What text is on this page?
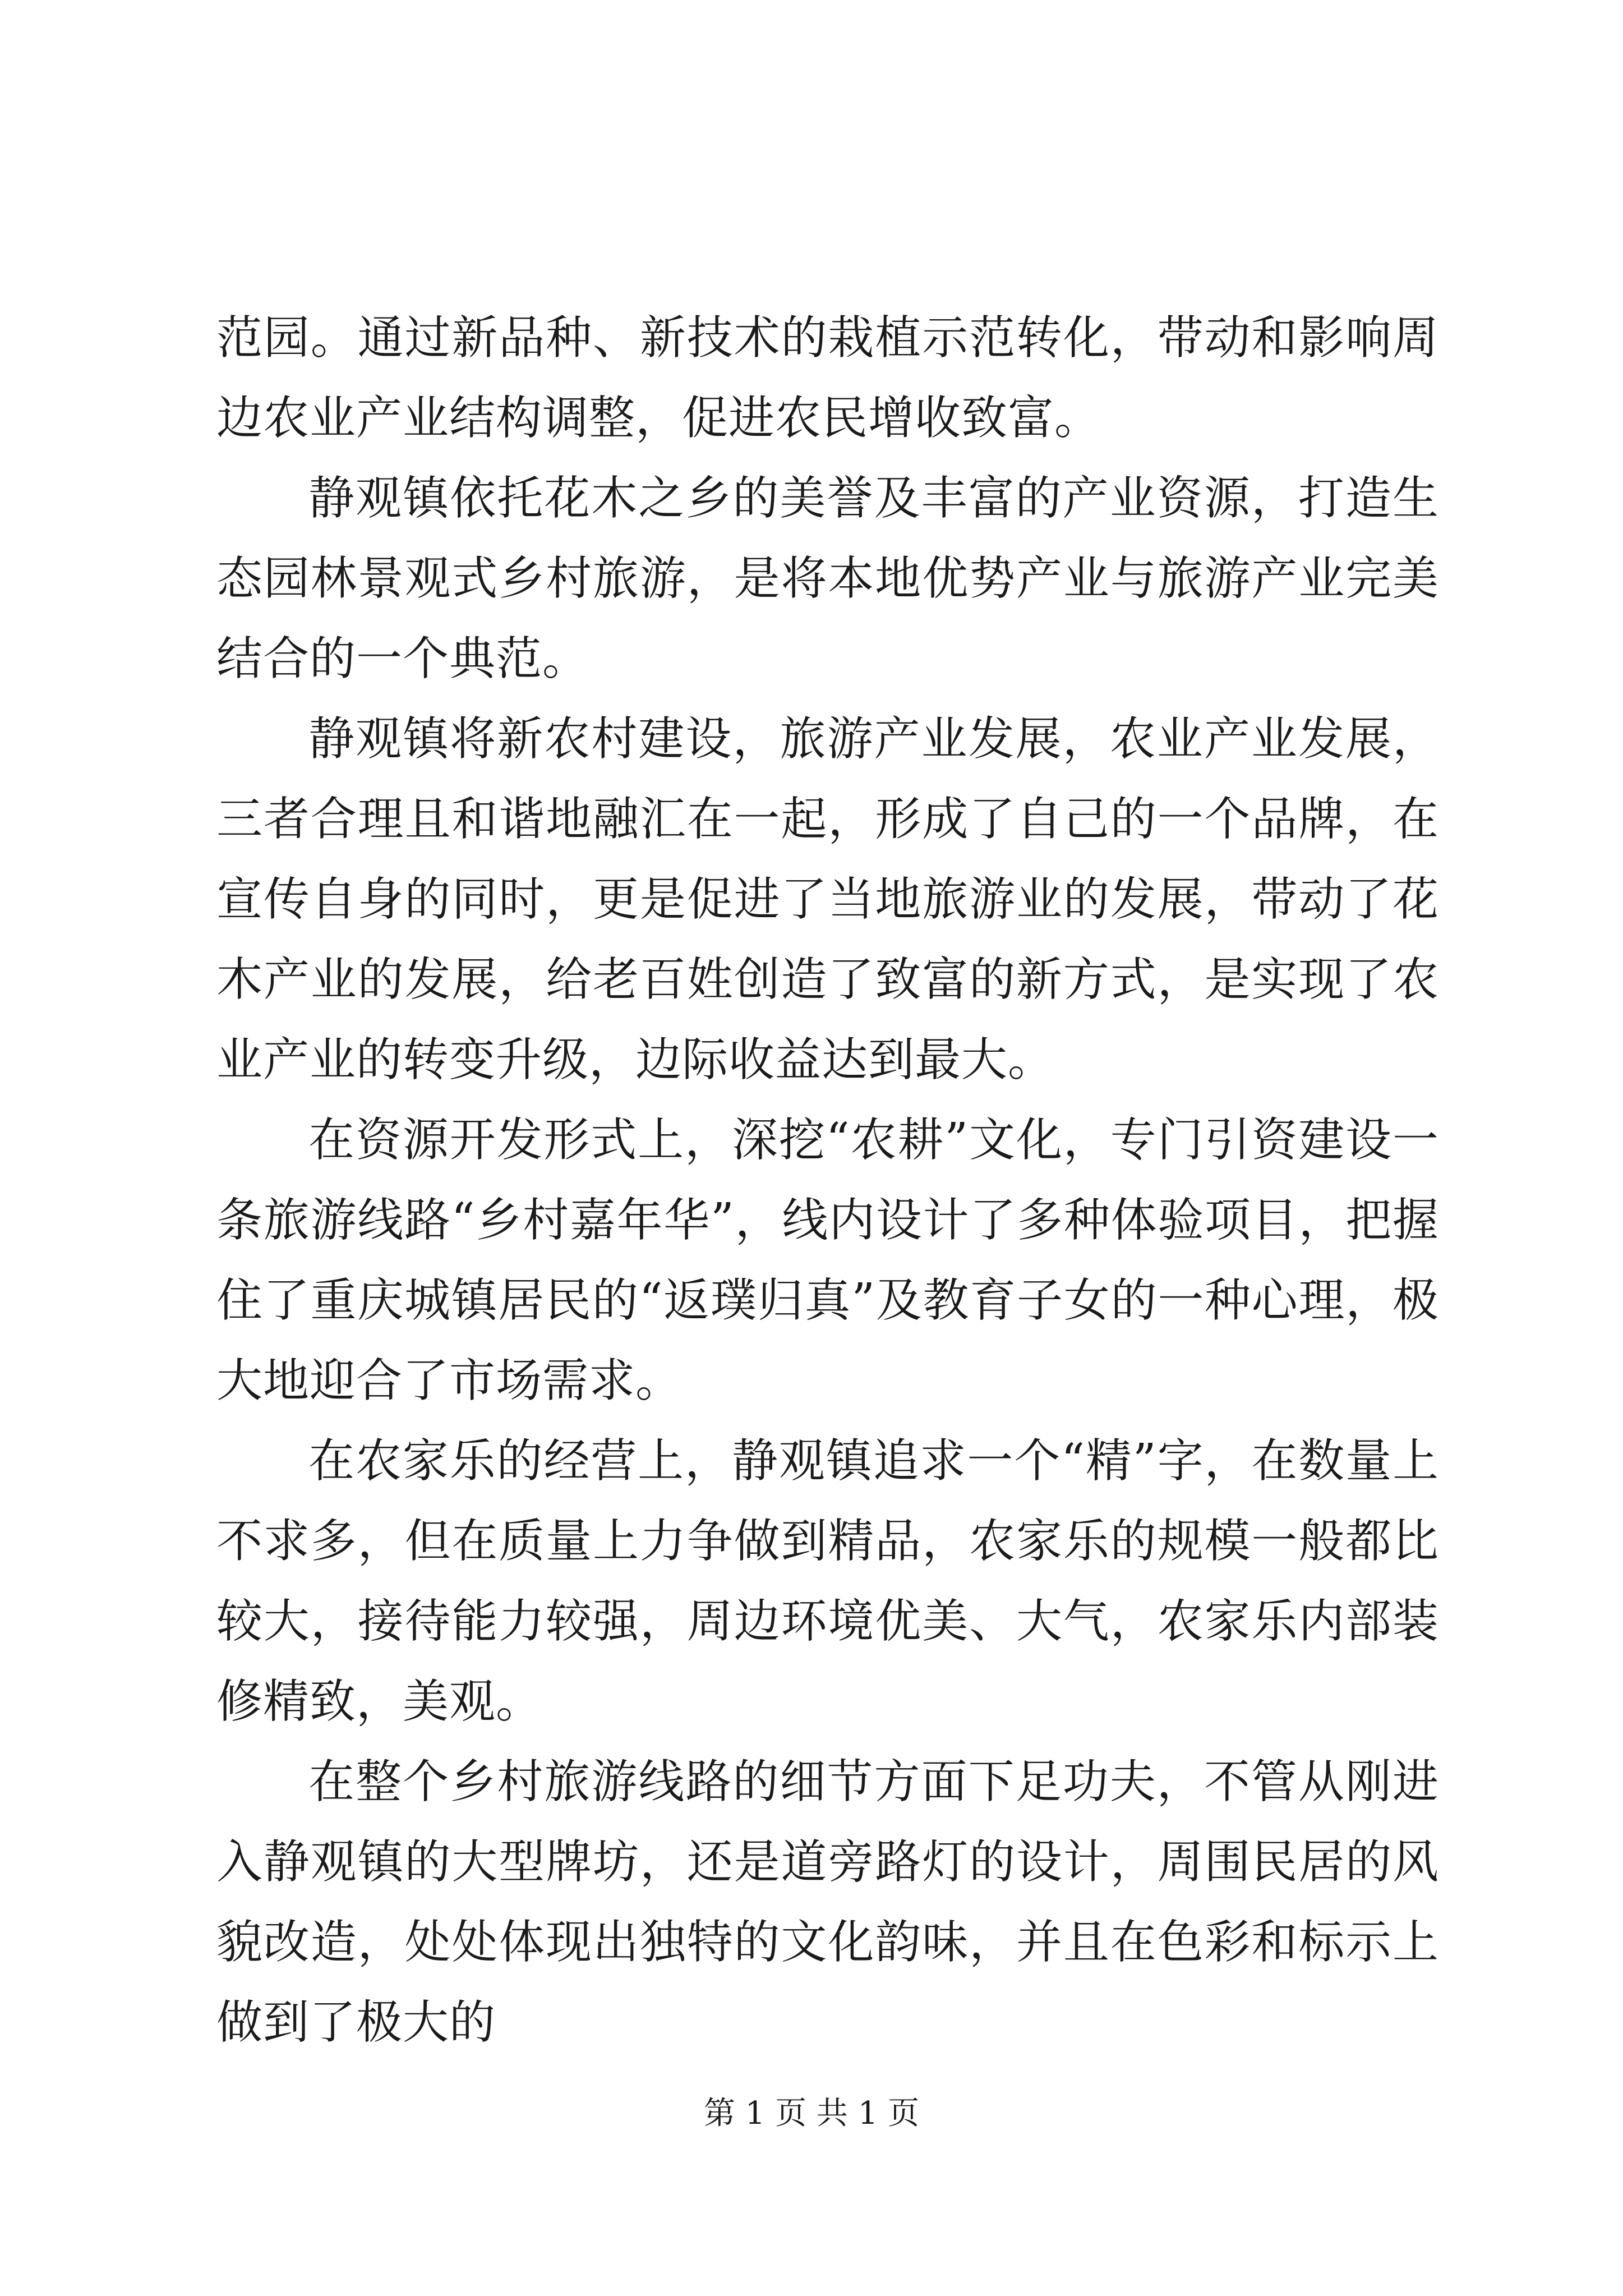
范园。通过新品种、新技术的栽植示范转化，带动和影响周边农业产业结构调整，促进农民增收致富。

静观镇依托花木之乡的美誉及丰富的产业资源，打造生态园林景观式乡村旅游，是将本地优势产业与旅游产业完美结合的一个典范。

静观镇将新农村建设，旅游产业发展，农业产业发展，三者合理且和谐地融汇在一起，形成了自己的一个品牌，在宣传自身的同时，更是促进了当地旅游业的发展，带动了花木产业的发展，给老百姓创造了致富的新方式，是实现了农业产业的转变升级，边际收益达到最大。

在资源开发形式上，深挖“农耕”文化，专门引资建设一条旅游线路“乡村嘉年华”，线内设计了多种体验项目，把握住了重庆城镇居民的“返璞归真”及教育子女的一种心理，极大地迎合了市场需求。

在农家乐的经营上，静观镇追求一个“精”字，在数量上不求多，但在质量上力争做到精品，农家乐的规模一般都比较大，接待能力较强，周边环境优美、大气，农家乐内部装修精致，美观。

在整个乡村旅游线路的细节方面下足功夫，不管从刚进入静观镇的大型牌坊，还是道旁路灯的设计，周围民居的风貌改造，处处体现出独特的文化韵味，并且在色彩和标示上做到了极大的

第 1 页 共 1 页
